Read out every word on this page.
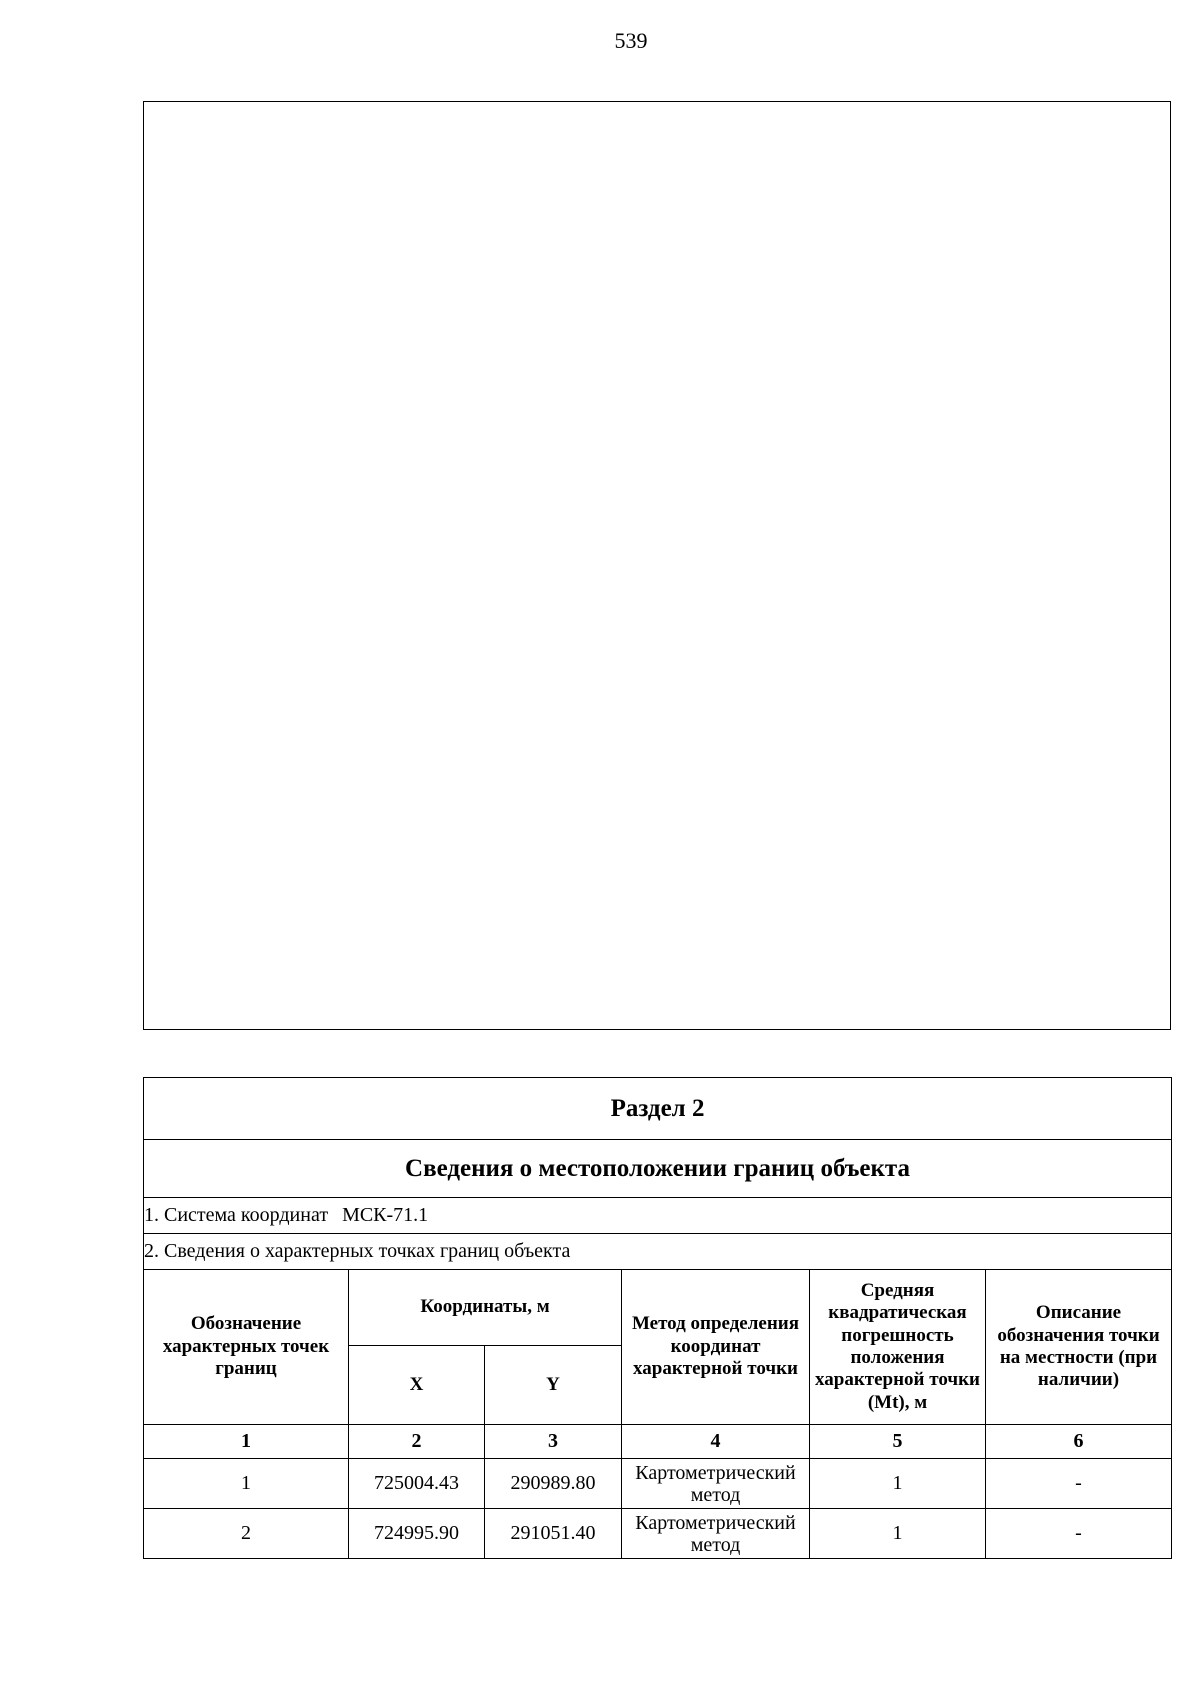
539
Раздел 2					
Сведения о местоположении границ объекта					
1. Система координат МСК-71.1					
2. Сведения о характерных точках границ объекта					
Обозначение характерных точек границ	Координаты, м		Метод определения координат характерной точки	Средняя квадратическая погрешность положения характерной точки (Mt), м	Описание обозначения точки на местности (при наличии)
	X	Y			
1	2	3	4	5	6
1	725004.43	290989.80	Картометрический метод	1	-
2	724995.90	291051.40	Картометрический метод	1	-
